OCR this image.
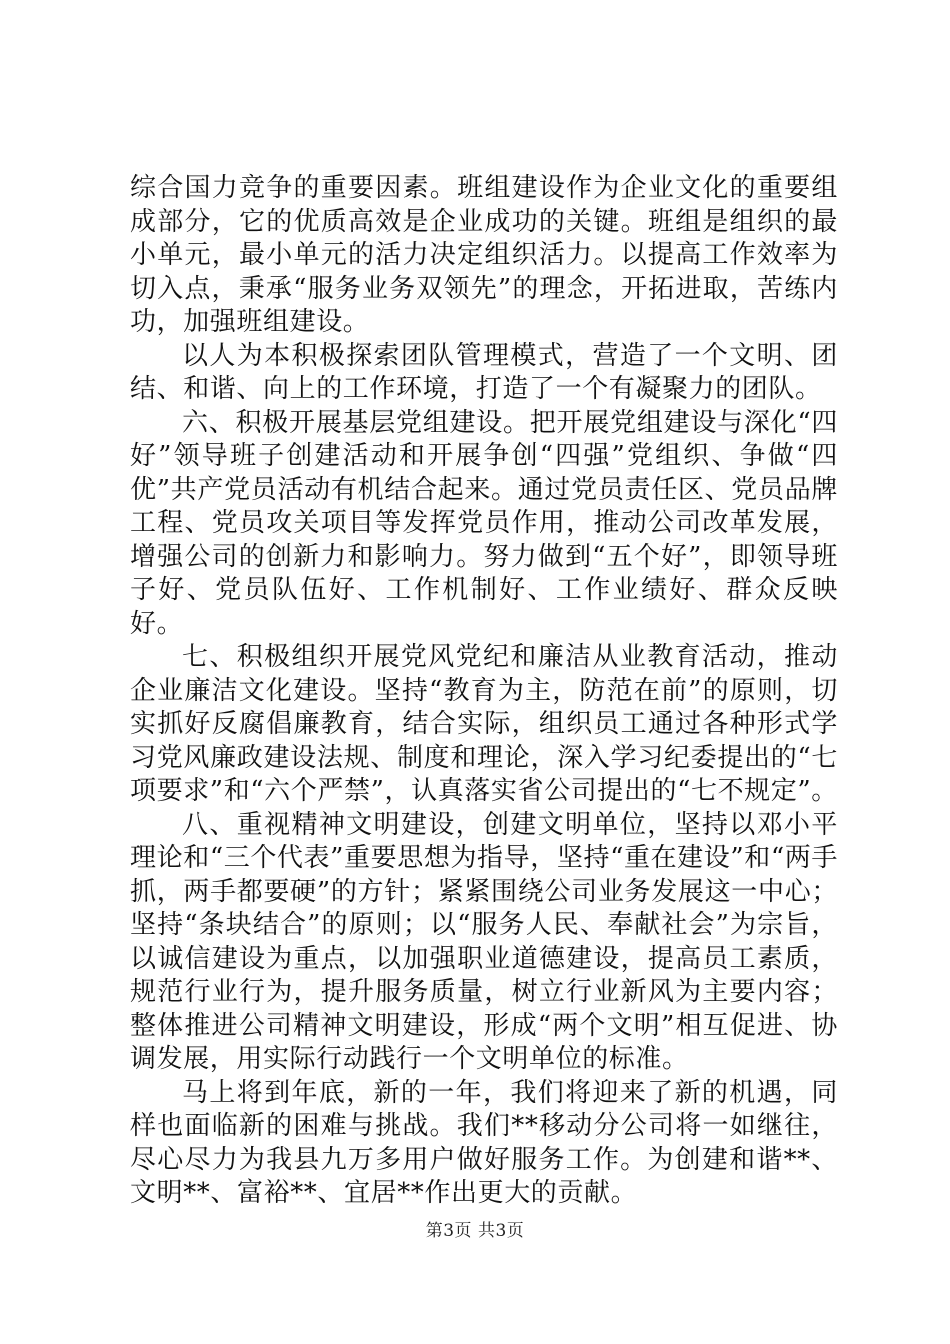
综合国力竞争的重要因素。班组建设作为企业文化的重要组成部分，它的优质高效是企业成功的关键。班组是组织的最小单元，最小单元的活力决定组织活力。以提高工作效率为切入点，秉承“服务业务双领先”的理念，开拓进取，苦练内功，加强班组建设。

以人为本积极探索团队管理模式，营造了一个文明、团结、和谐、向上的工作环境，打造了一个有凝聚力的团队。

六、积极开展基层党组建设。把开展党组建设与深化“四好”领导班子创建活动和开展争创“四强”党组织、争做“四优”共产党员活动有机结合起来。通过党员责任区、党员品牌工程、党员攻关项目等发挥党员作用，推动公司改革发展，增强公司的创新力和影响力。努力做到“五个好”，即领导班子好、党员队伍好、工作机制好、工作业绩好、群众反映好。

七、积极组织开展党风党纪和廉洁从业教育活动，推动企业廉洁文化建设。坚持“教育为主，防范在前”的原则，切实抓好反腐倡廉教育，结合实际，组织员工通过各种形式学习党风廉政建设法规、制度和理论，深入学习纪委提出的“七项要求”和“六个严禁”，认真落实省公司提出的“七不规定”。

八、重视精神文明建设，创建文明单位，坚持以邓小平理论和“三个代表”重要思想为指导，坚持“重在建设”和“两手抓，两手都要硬”的方针；紧紧围绕公司业务发展这一中心；坚持“条块结合”的原则；以“服务人民、奉献社会”为宗旨，以诚信建设为重点，以加强职业道德建设，提高员工素质，规范行业行为，提升服务质量，树立行业新风为主要内容；整体推进公司精神文明建设，形成“两个文明”相互促进、协调发展，用实际行动践行一个文明单位的标准。

马上将到年底，新的一年，我们将迎来了新的机遇，同样也面临新的困难与挑战。我们**移动分公司将一如继往，尽心尽力为我县九万多用户做好服务工作。为创建和谐**、文明**、富裕**、宜居**作出更大的贡献。

第3页 共3页
